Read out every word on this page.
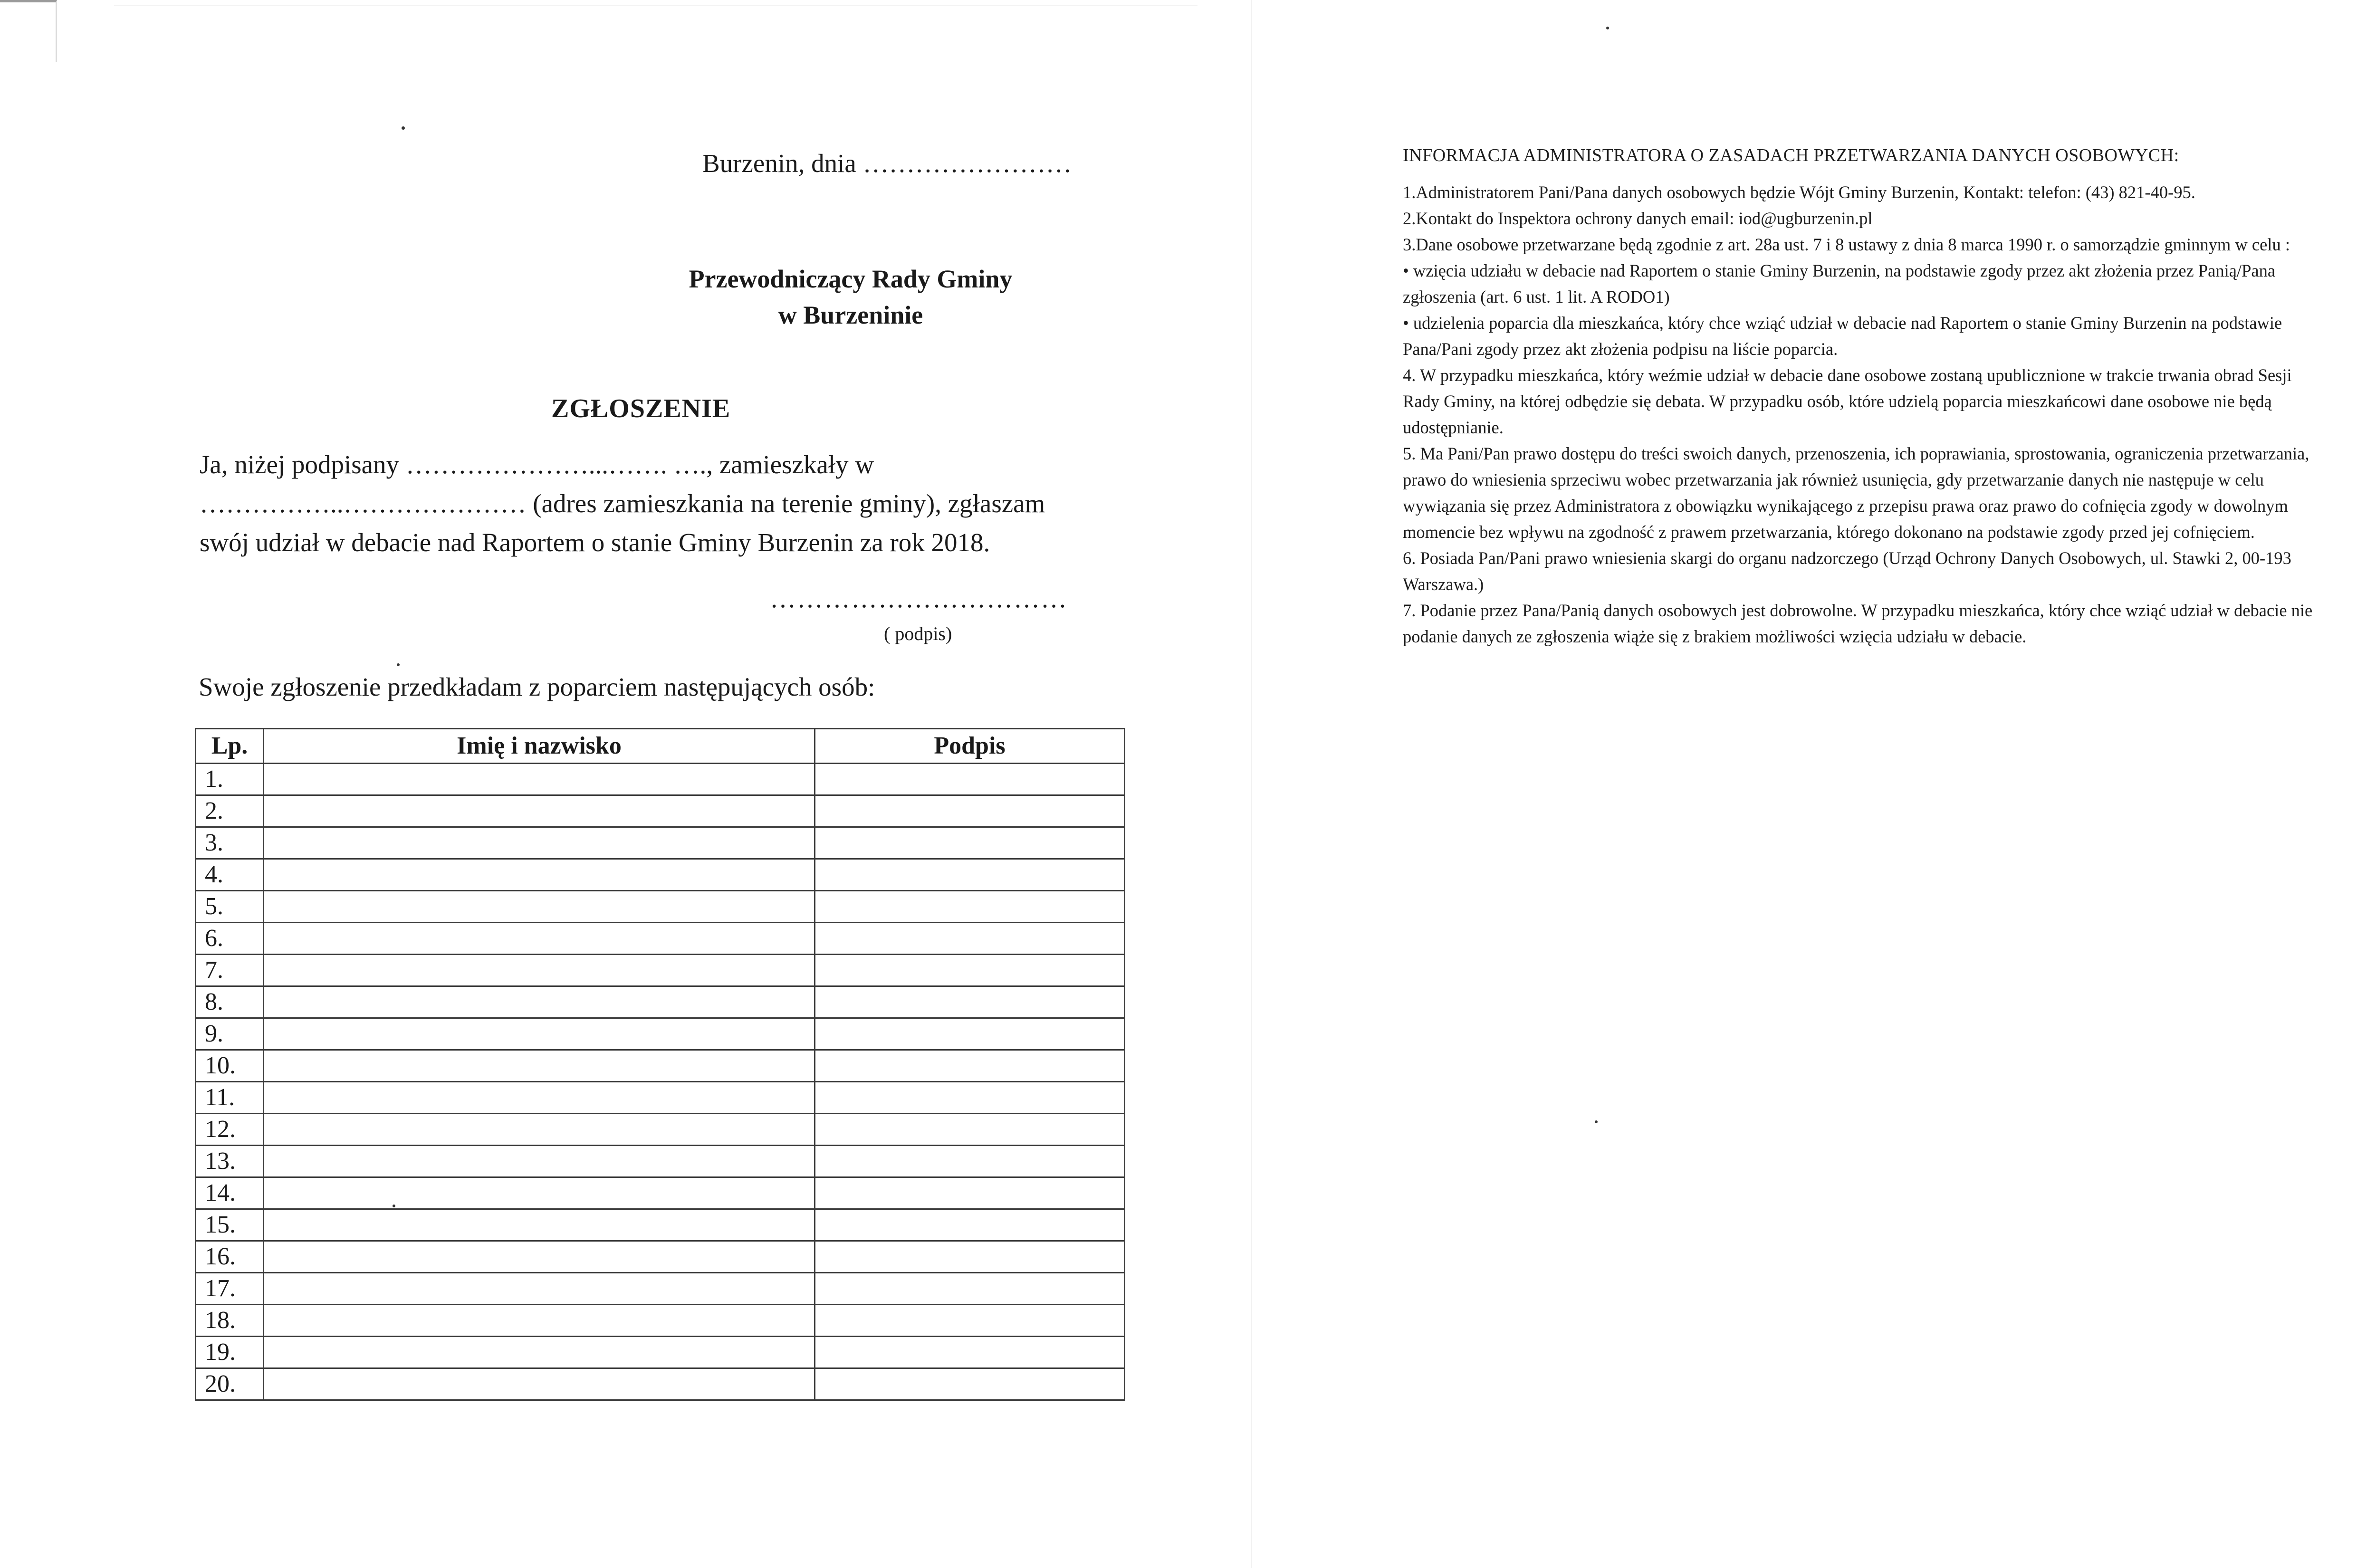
Burzenin, dnia ……………………
Przewodniczący Rady Gminy
w Burzeninie
ZGŁOSZENIE
Ja, niżej podpisany …………………...……. …., zamieszkały w
……………..………………… (adres zamieszkania na terenie gminy), zgłaszam
swój udział w debacie nad Raportem o stanie Gminy Burzenin za rok 2018.
……………………………
( podpis)
Swoje zgłoszenie przedkładam z poparciem następujących osób:
Lp.	Imię i nazwisko	Podpis
1.		
2.		
3.		
4.		
5.		
6.		
7.		
8.		
9.		
10.		
11.		
12.		
13.		
14.		
15.		
16.		
17.		
18.		
19.		
20.		
INFORMACJA ADMINISTRATORA O ZASADACH PRZETWARZANIA DANYCH OSOBOWYCH:

1.Administratorem Pani/Pana danych osobowych będzie Wójt Gminy Burzenin, Kontakt: telefon: (43) 821-40-95.

2.Kontakt do Inspektora ochrony danych email: iod@ugburzenin.pl

3.Dane osobowe przetwarzane będą zgodnie z art. 28a ust. 7 i 8 ustawy z dnia 8 marca 1990 r. o samorządzie gminnym w celu :

• wzięcia udziału w debacie nad Raportem o stanie Gminy Burzenin, na podstawie zgody przez akt złożenia przez Panią/Pana zgłoszenia (art. 6 ust. 1 lit. A RODO1)

• udzielenia poparcia dla mieszkańca, który chce wziąć udział w debacie nad Raportem o stanie Gminy Burzenin na podstawie Pana/Pani zgody przez akt złożenia podpisu na liście poparcia.

4. W przypadku mieszkańca, który weźmie udział w debacie dane osobowe zostaną upublicznione w trakcie trwania obrad Sesji Rady Gminy, na której odbędzie się debata. W przypadku osób, które udzielą poparcia mieszkańcowi dane osobowe nie będą udostępnianie.

5. Ma Pani/Pan prawo dostępu do treści swoich danych, przenoszenia, ich poprawiania, sprostowania, ograniczenia przetwarzania, prawo do wniesienia sprzeciwu wobec przetwarzania jak również usunięcia, gdy przetwarzanie danych nie następuje w celu wywiązania się przez Administratora z obowiązku wynikającego z przepisu prawa oraz prawo do cofnięcia zgody w dowolnym momencie bez wpływu na zgodność z prawem przetwarzania, którego dokonano na podstawie zgody przed jej cofnięciem.

6. Posiada Pan/Pani prawo wniesienia skargi do organu nadzorczego (Urząd Ochrony Danych Osobowych, ul. Stawki 2, 00-193 Warszawa.)

7. Podanie przez Pana/Panią danych osobowych jest dobrowolne. W przypadku mieszkańca, który chce wziąć udział w debacie nie podanie danych ze zgłoszenia wiąże się z brakiem możliwości wzięcia udziału w debacie.
